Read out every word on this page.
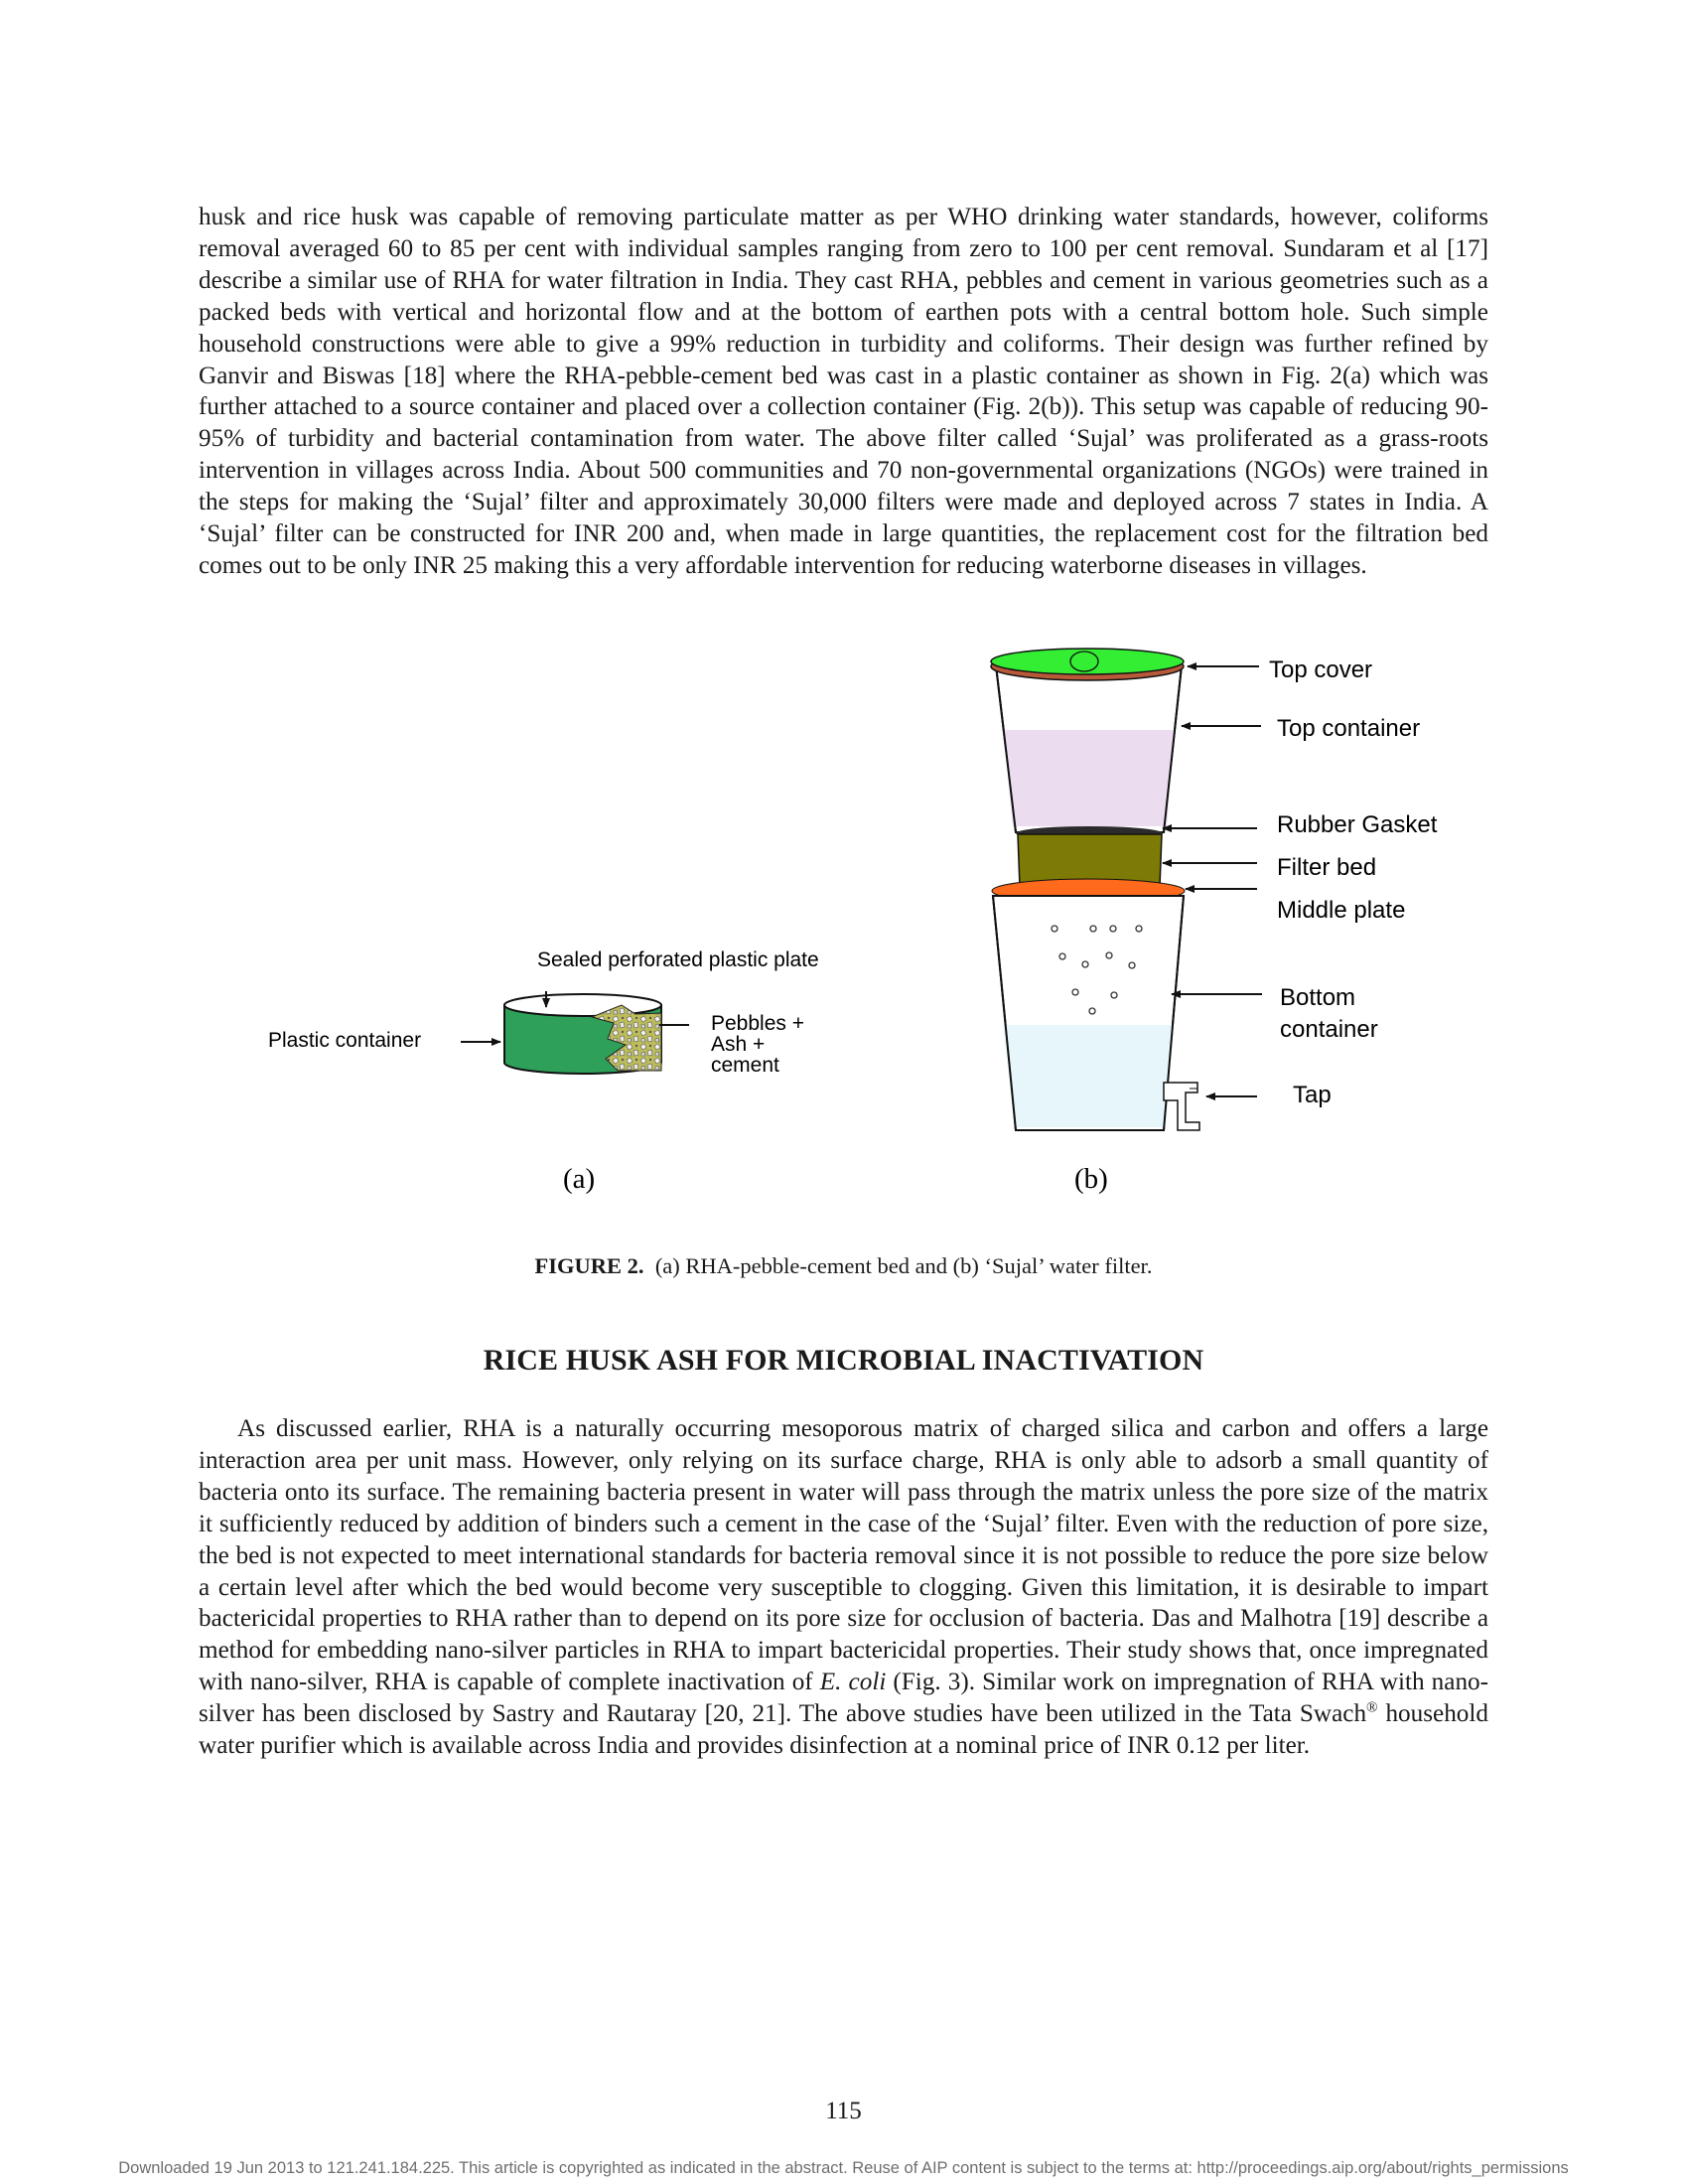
husk and rice husk was capable of removing particulate matter as per WHO drinking water standards, however, coliforms removal averaged 60 to 85 per cent with individual samples ranging from zero to 100 per cent removal. Sundaram et al [17] describe a similar use of RHA for water filtration in India. They cast RHA, pebbles and cement in various geometries such as a packed beds with vertical and horizontal flow and at the bottom of earthen pots with a central bottom hole. Such simple household constructions were able to give a 99% reduction in turbidity and coliforms. Their design was further refined by Ganvir and Biswas [18] where the RHA-pebble-cement bed was cast in a plastic container as shown in Fig. 2(a) which was further attached to a source container and placed over a collection container (Fig. 2(b)). This setup was capable of reducing 90-95% of turbidity and bacterial contamination from water. The above filter called ‘Sujal’ was proliferated as a grass-roots intervention in villages across India. About 500 communities and 70 non-governmental organizations (NGOs) were trained in the steps for making the ‘Sujal’ filter and approximately 30,000 filters were made and deployed across 7 states in India. A ‘Sujal’ filter can be constructed for INR 200 and, when made in large quantities, the replacement cost for the filtration bed comes out to be only INR 25 making this a very affordable intervention for reducing waterborne diseases in villages.

Sealed perforated plastic plate
Plastic container
Pebbles +
Ash +
cement
(a)
Top cover
Top container
Rubber Gasket
Filter bed
Middle plate
Bottom
container
Tap
(b)
FIGURE 2. (a) RHA-pebble-cement bed and (b) ‘Sujal’ water filter.
RICE HUSK ASH FOR MICROBIAL INACTIVATION

As discussed earlier, RHA is a naturally occurring mesoporous matrix of charged silica and carbon and offers a large interaction area per unit mass. However, only relying on its surface charge, RHA is only able to adsorb a small quantity of bacteria onto its surface. The remaining bacteria present in water will pass through the matrix unless the pore size of the matrix it sufficiently reduced by addition of binders such a cement in the case of the ‘Sujal’ filter. Even with the reduction of pore size, the bed is not expected to meet international standards for bacteria removal since it is not possible to reduce the pore size below a certain level after which the bed would become very susceptible to clogging. Given this limitation, it is desirable to impart bactericidal properties to RHA rather than to depend on its pore size for occlusion of bacteria. Das and Malhotra [19] describe a method for embedding nano-silver particles in RHA to impart bactericidal properties. Their study shows that, once impregnated with nano-silver, RHA is capable of complete inactivation of E. coli (Fig. 3). Similar work on impregnation of RHA with nano-silver has been disclosed by Sastry and Rautaray [20, 21]. The above studies have been utilized in the Tata Swach® household water purifier which is available across India and provides disinfection at a nominal price of INR 0.12 per liter.

115
Downloaded 19 Jun 2013 to 121.241.184.225. This article is copyrighted as indicated in the abstract. Reuse of AIP content is subject to the terms at: http://proceedings.aip.org/about/rights_permissions
